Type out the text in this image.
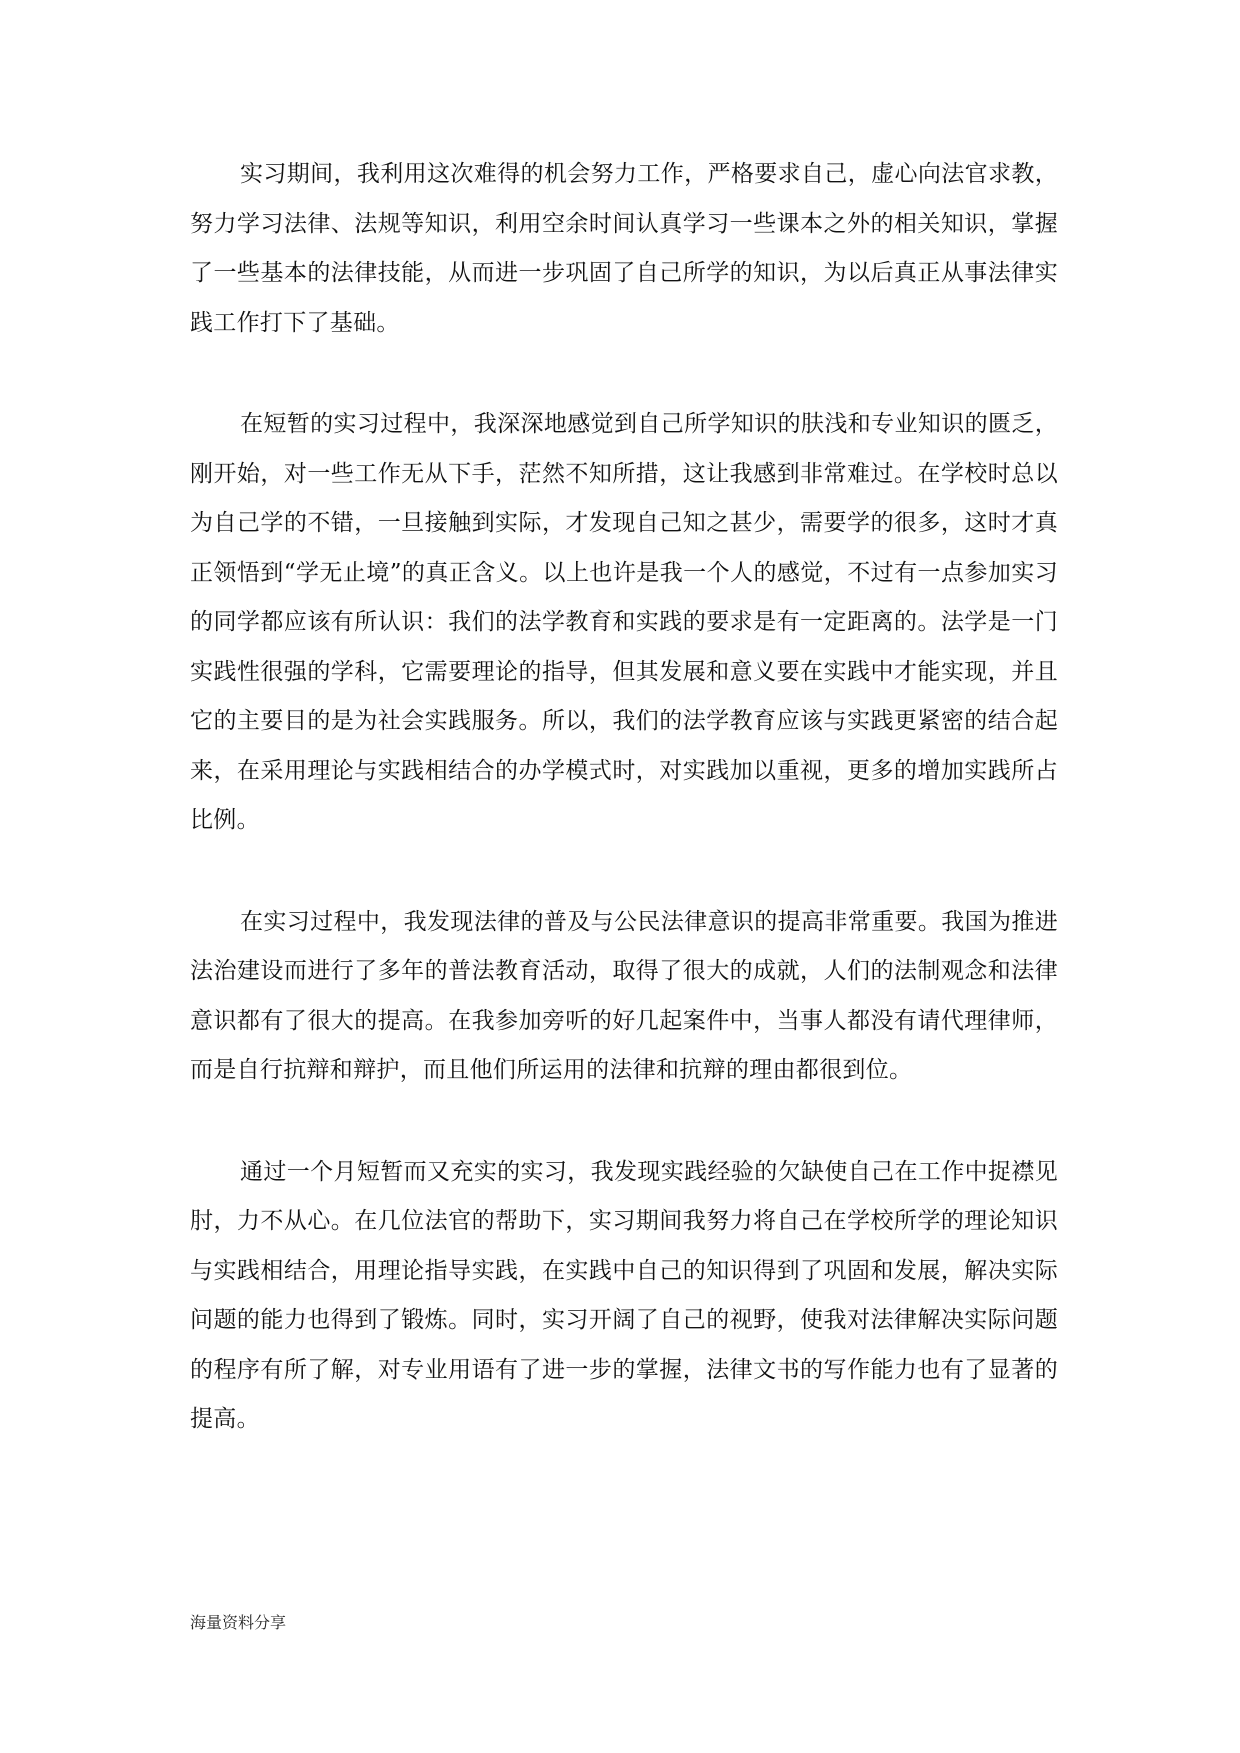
实习期间，我利用这次难得的机会努力工作，严格要求自己，虚心向法官求教，努力学习法律、法规等知识，利用空余时间认真学习一些课本之外的相关知识，掌握了一些基本的法律技能，从而进一步巩固了自己所学的知识，为以后真正从事法律实践工作打下了基础。

在短暂的实习过程中，我深深地感觉到自己所学知识的肤浅和专业知识的匮乏，刚开始，对一些工作无从下手，茫然不知所措，这让我感到非常难过。在学校时总以为自己学的不错，一旦接触到实际，才发现自己知之甚少，需要学的很多，这时才真正领悟到“学无止境”的真正含义。以上也许是我一个人的感觉，不过有一点参加实习的同学都应该有所认识：我们的法学教育和实践的要求是有一定距离的。法学是一门实践性很强的学科，它需要理论的指导，但其发展和意义要在实践中才能实现，并且它的主要目的是为社会实践服务。所以，我们的法学教育应该与实践更紧密的结合起来，在采用理论与实践相结合的办学模式时，对实践加以重视，更多的增加实践所占比例。

在实习过程中，我发现法律的普及与公民法律意识的提高非常重要。我国为推进法治建设而进行了多年的普法教育活动，取得了很大的成就，人们的法制观念和法律意识都有了很大的提高。在我参加旁听的好几起案件中，当事人都没有请代理律师，而是自行抗辩和辩护，而且他们所运用的法律和抗辩的理由都很到位。

通过一个月短暂而又充实的实习，我发现实践经验的欠缺使自己在工作中捉襟见肘，力不从心。在几位法官的帮助下，实习期间我努力将自己在学校所学的理论知识与实践相结合，用理论指导实践，在实践中自己的知识得到了巩固和发展，解决实际问题的能力也得到了锻炼。同时，实习开阔了自己的视野，使我对法律解决实际问题的程序有所了解，对专业用语有了进一步的掌握，法律文书的写作能力也有了显著的提高。

海量资料分享
